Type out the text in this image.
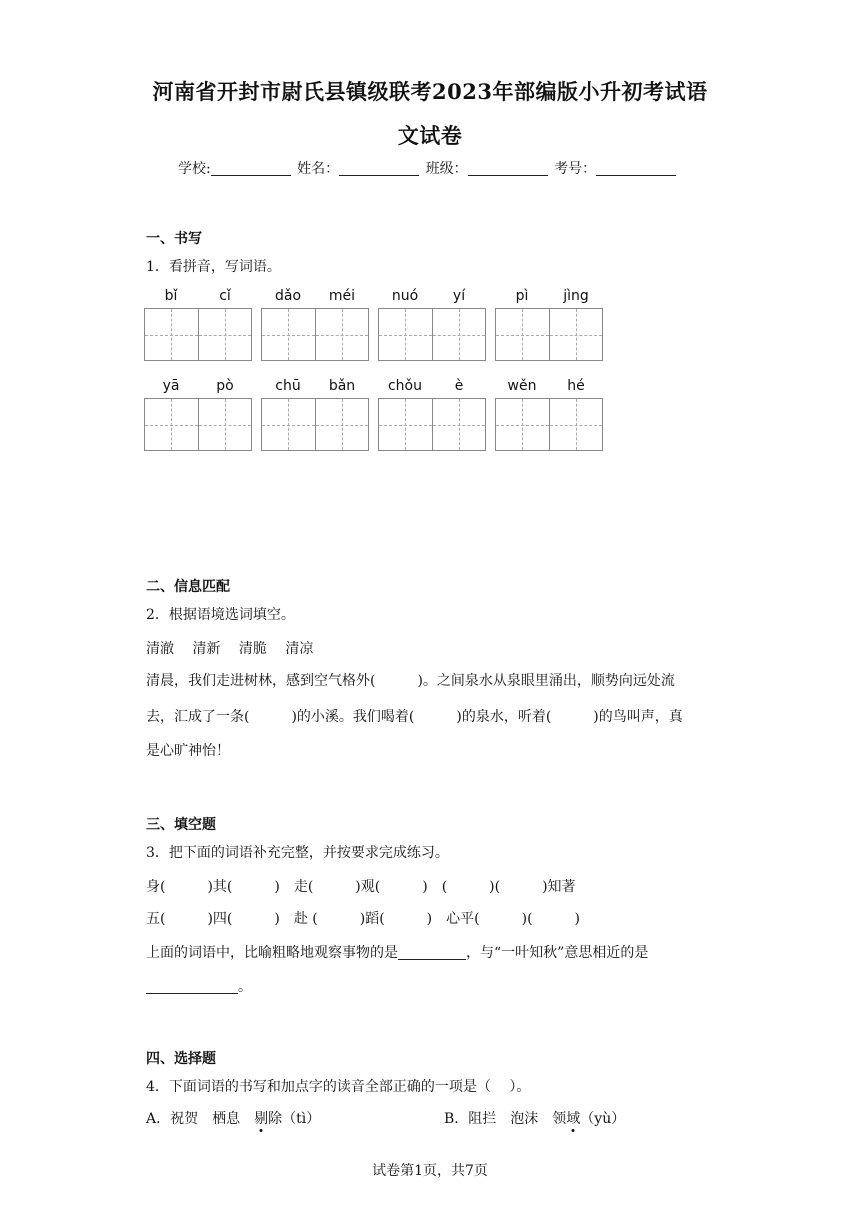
河南省开封市尉氏县镇级联考2023年部编版小升初考试语
文试卷
学校:	姓名：	班级：	考号：
一、书写
1．看拼音，写词语。
bǐ	cǐ	dǎo	méi	nuó	yí	pì	jìng
yā	pò	chū	bǎn	chǒu	è	wěn	hé
二、信息匹配
2．根据语境选词填空。
清澈　 清新　 清脆　 清凉
清晨，我们走进树林，感到空气格外(　　　)。之间泉水从泉眼里涌出，顺势向远处流
去，汇成了一条(　　　)的小溪。我们喝着(　　　)的泉水，听着(　　　)的鸟叫声，真
是心旷神怡！
三、填空题
3．把下面的词语补充完整，并按要求完成练习。
身(　　　)其(　　　)　走(　　　)观(　　　)　(　　　)(　　　)知著
五(　　　)四(　　　)　赴 (　　　)蹈(　　　)　心平(　　　)(　　　)
上面的词语中，比喻粗略地观察事物的是	，与“一叶知秋”意思相近的是
。
四、选择题
4．下面词语的书写和加点字的读音全部正确的一项是（　 ）。
A．祝贺　栖息　剔除（tì）	B．阻拦　泡沫　领域（yù）
试卷第1页，共7页
